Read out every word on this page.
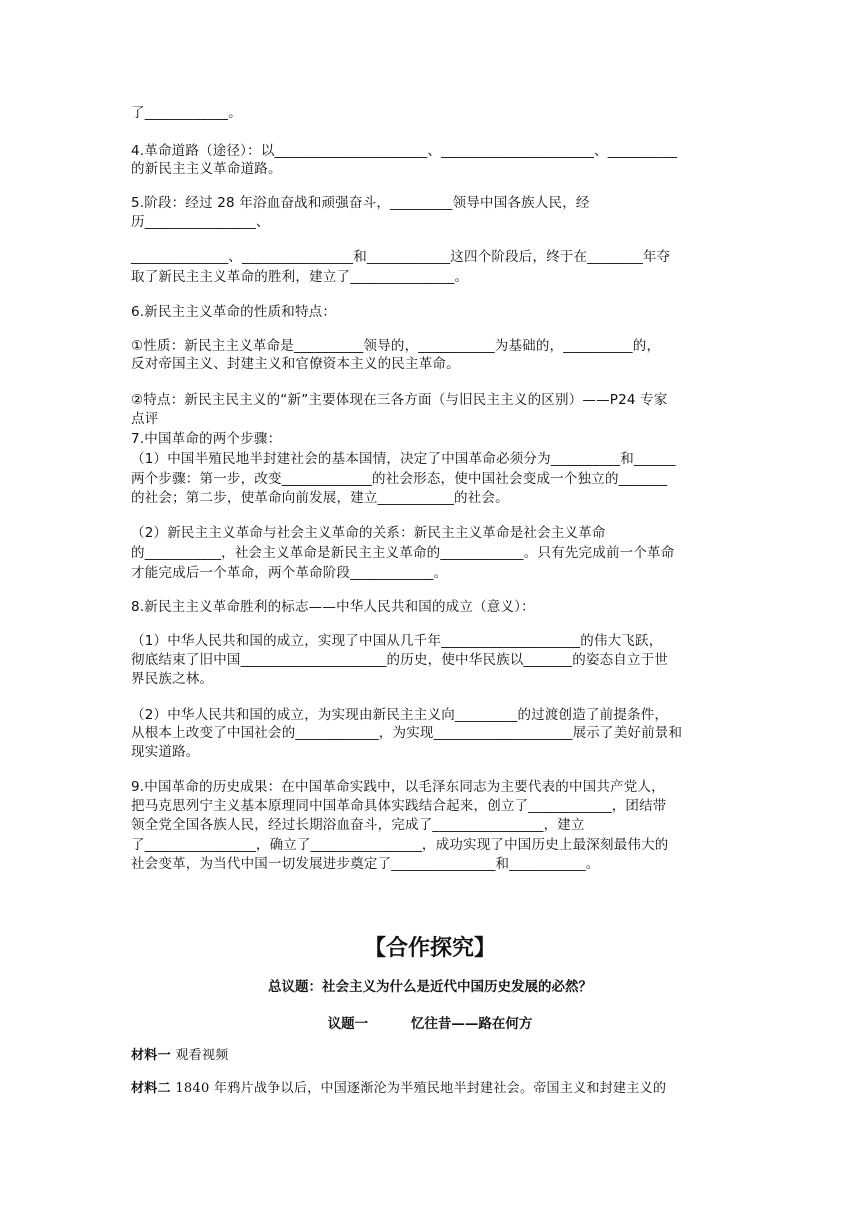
了____________。
4.革命道路（途径）：以______________________、______________________、__________
的新民主主义革命道路。
5.阶段：经过 28 年浴血奋战和顽强奋斗，_________领导中国各族人民，经
历________________、
______________、________________和____________这四个阶段后，终于在________年夺
取了新民主主义革命的胜利，建立了_______________。
6.新民主主义革命的性质和特点：
①性质：新民主主义革命是__________领导的，___________为基础的，__________的，
反对帝国主义、封建主义和官僚资本主义的民主革命。
②特点：新民主民主义的“新”主要体现在三各方面（与旧民主主义的区别）——P24 专家
点评
7.中国革命的两个步骤：
（1）中国半殖民地半封建社会的基本国情，决定了中国革命必须分为__________和______
两个步骤：第一步，改变_____________的社会形态，使中国社会变成一个独立的_______
的社会；第二步，使革命向前发展，建立___________的社会。
（2）新民主主义革命与社会主义革命的关系：新民主主义革命是社会主义革命
的___________，社会主义革命是新民主主义革命的____________。只有先完成前一个革命
才能完成后一个革命，两个革命阶段____________。
8.新民主主义革命胜利的标志——中华人民共和国的成立（意义）：
（1）中华人民共和国的成立，实现了中国从几千年____________________的伟大飞跃，
彻底结束了旧中国_____________________的历史，使中华民族以_______的姿态自立于世
界民族之林。
（2）中华人民共和国的成立，为实现由新民主主义向_________的过渡创造了前提条件，
从根本上改变了中国社会的____________，为实现____________________展示了美好前景和
现实道路。
9.中国革命的历史成果：在中国革命实践中，以毛泽东同志为主要代表的中国共产党人，
把马克思列宁主义基本原理同中国革命具体实践结合起来，创立了____________，团结带
领全党全国各族人民，经过长期浴血奋斗，完成了________________，建立
了________________，确立了________________，成功实现了中国历史上最深刻最伟大的
社会变革，为当代中国一切发展进步奠定了_______________和___________。
【合作探究】
总议题：社会主义为什么是近代中国历史发展的必然？
议题一 忆往昔——路在何方
材料一 观看视频
材料二 1840 年鸦片战争以后，中国逐渐沦为半殖民地半封建社会。帝国主义和封建主义的
